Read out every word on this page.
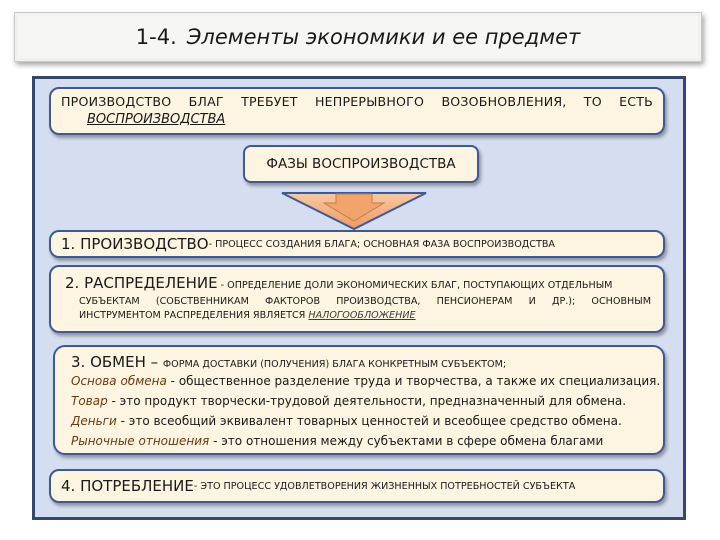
1-4. Элементы экономики и ее предмет
ПРОИЗВОДСТВО БЛАГ ТРЕБУЕТ НЕПРЕРЫВНОГО ВОЗОБНОВЛЕНИЯ, ТО ЕСТЬ
ВОСПРОИЗВОДСТВА
ФАЗЫ ВОСПРОИЗВОДСТВА
1. ПРОИЗВОДСТВО - ПРОЦЕСС СОЗДАНИЯ БЛАГА; ОСНОВНАЯ ФАЗА ВОСПРОИЗВОДСТВА
2. РАСПРЕДЕЛЕНИЕ - ОПРЕДЕЛЕНИЕ ДОЛИ ЭКОНОМИЧЕСКИХ БЛАГ, ПОСТУПАЮЩИХ ОТДЕЛЬНЫМ
СУБЪЕКТАМ (СОБСТВЕННИКАМ ФАКТОРОВ ПРОИЗВОДСТВА, ПЕНСИОНЕРАМ И ДР.); ОСНОВНЫМ
ИНСТРУМЕНТОМ РАСПРЕДЕЛЕНИЯ ЯВЛЯЕТСЯ НАЛОГООБЛОЖЕНИЕ
3. ОБМЕН – ФОРМА ДОСТАВКИ (ПОЛУЧЕНИЯ) БЛАГА КОНКРЕТНЫМ СУБЪЕКТОМ;
Основа обмена - общественное разделение труда и творчества, а также их специализация.
Товар - это продукт творчески-трудовой деятельности, предназначенный для обмена.
Деньги - это всеобщий эквивалент товарных ценностей и всеобщее средство обмена.
Рыночные отношения - это отношения между субъектами в сфере обмена благами
4. ПОТРЕБЛЕНИЕ - ЭТО ПРОЦЕСС УДОВЛЕТВОРЕНИЯ ЖИЗНЕННЫХ ПОТРЕБНОСТЕЙ СУБЪЕКТА
